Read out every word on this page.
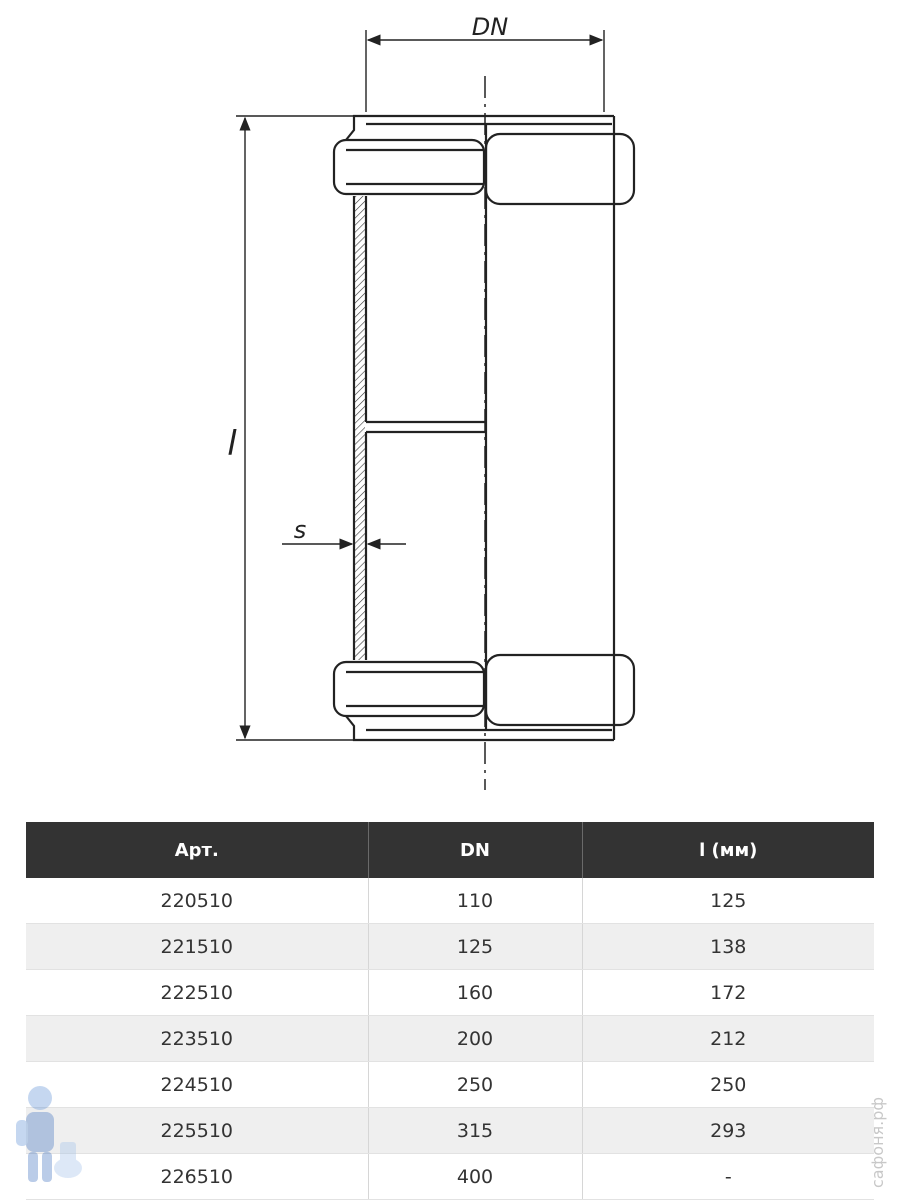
DN
l
s
Арт.	DN	l (мм)
220510	110	125
221510	125	138
222510	160	172
223510	200	212
224510	250	250
225510	315	293
226510	400	-	сафоня.рф
